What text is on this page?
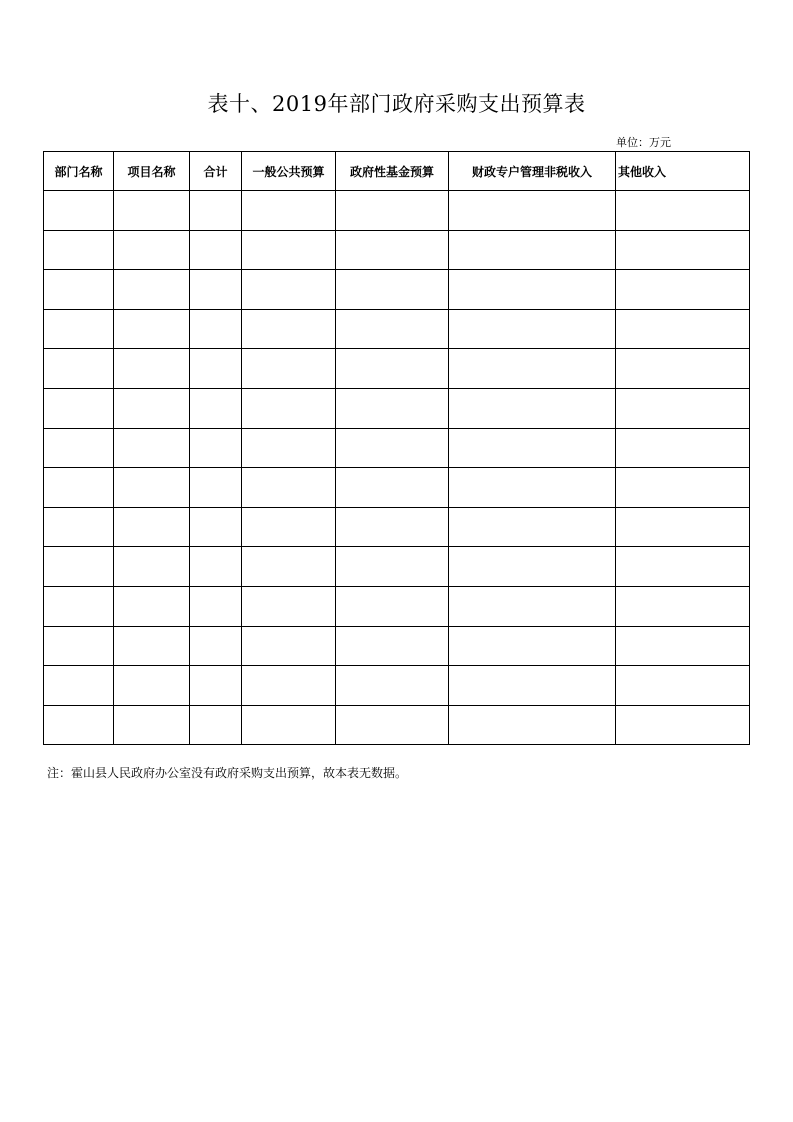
表十、2019年部门政府采购支出预算表
单位：万元
部门名称	项目名称	合计	一般公共预算	政府性基金预算	财政专户管理非税收入	其他收入

注：霍山县人民政府办公室没有政府采购支出预算，故本表无数据。
